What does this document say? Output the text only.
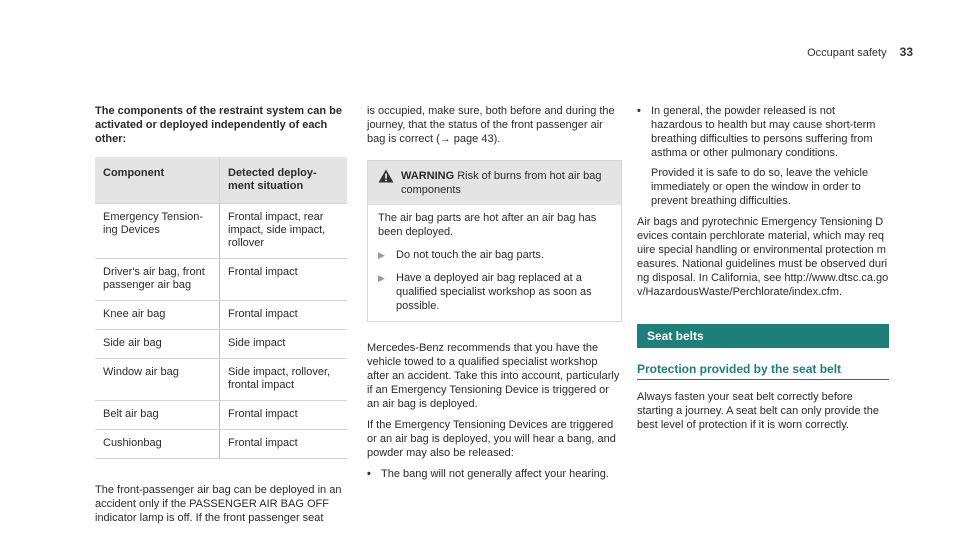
Occupant safety 33
The components of the restraint system can be activated or deployed independently of each other:
Component	Detected deploy-ment situation
Emergency Tension-ing Devices	Frontal impact, rear impact, side impact, rollover
Driver's air bag, front passenger air bag	Frontal impact
Knee air bag	Frontal impact
Side air bag	Side impact
Window air bag	Side impact, rollover, frontal impact
Belt air bag	Frontal impact
Cushionbag	Frontal impact

The front-passenger air bag can be deployed in an accident only if the PASSENGER AIR BAG OFF indicator lamp is off. If the front passenger seat

is occupied, make sure, both before and during the journey, that the status of the front passenger air bag is correct (→ page 43).

WARNING Risk of burns from hot air bag components
The air bag parts are hot after an air bag has been deployed.
▶	Do not touch the air bag parts.
▶	Have a deployed air bag replaced at a qualified specialist workshop as soon as possible.

Mercedes-Benz recommends that you have the vehicle towed to a qualified specialist workshop after an accident. Take this into account, particularly if an Emergency Tensioning Device is triggered or an air bag is deployed.

If the Emergency Tensioning Devices are triggered or an air bag is deployed, you will hear a bang, and powder may also be released:

• The bang will not generally affect your hearing.
• In general, the powder released is not hazardous to health but may cause short-term breathing difficulties to persons suffering from asthma or other pulmonary conditions.

Provided it is safe to do so, leave the vehicle immediately or open the window in order to prevent breathing difficulties.

Air bags and pyrotechnic Emergency Tensioning Devices contain perchlorate material, which may require special handling or environmental protection measures. National guidelines must be observed during disposal. In California, see http://www.dtsc.ca.gov/HazardousWaste/Perchlorate/index.cfm.

Seat belts
Protection provided by the seat belt

Always fasten your seat belt correctly before starting a journey. A seat belt can only provide the best level of protection if it is worn correctly.
